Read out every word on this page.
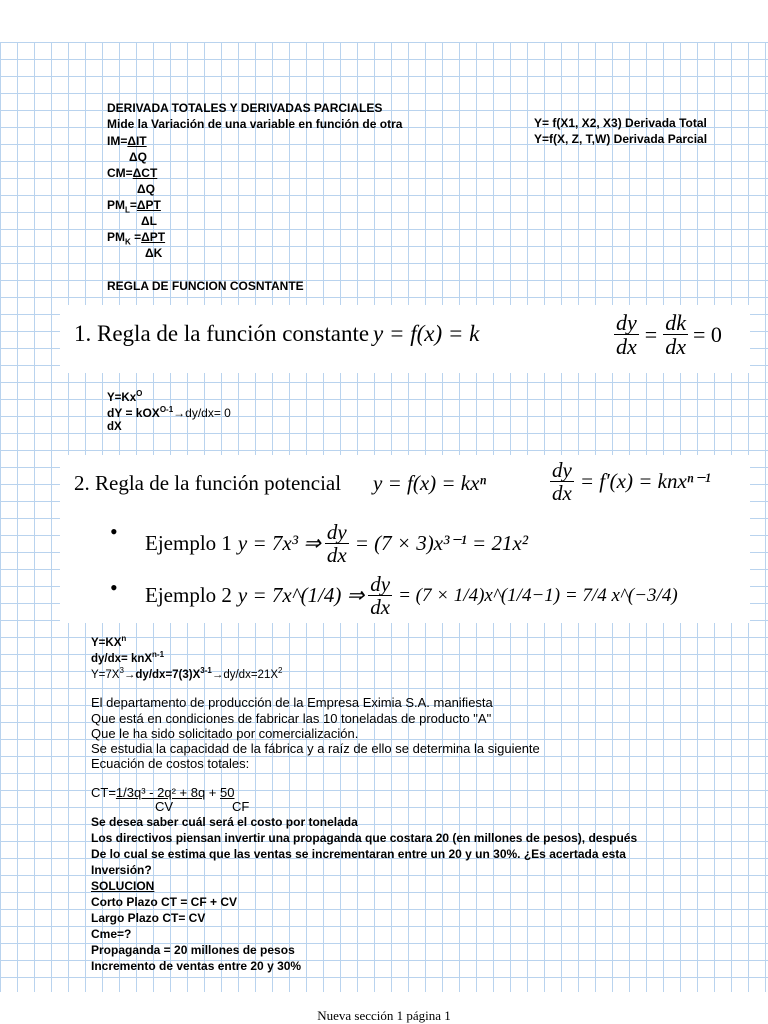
DERIVADA TOTALES Y DERIVADAS PARCIALES
Mide la Variación de una variable en función de otra	Y= f(X1, X2, X3) Derivada Total
Y=f(X, Z, T,W) Derivada Parcial
IM=ΔIT
ΔQ
CM=ΔCT
ΔQ
$PM_L=\Delta PT$
ΔL
$PM_K =\Delta PT$
ΔK
REGLA DE FUNCION COSNTANTE
1. Regla de la función constante y = f(x) = k	$\frac{dy}{dx} = \frac{dk}{dx} = 0$
$Y=Kx^O$
dY = kOX$^{O-1}$→dy/dx= 0
dX
2. Regla de la función potencial y = f(x) = kxⁿ	$\frac{dy}{dx} = f'(x) = knx^{n-1}$
• Ejemplo 1 y = 7x³ ⇒ $\frac{dy}{dx} = (7 \times 3)x^{3-1} = 21x^2$
• Ejemplo 2 y = 7x^(1/4) ⇒ $\frac{dy}{dx} = (7$ × 1/4)x^(1/4−1) = 7/4 x^(−3/4)
$Y=KX^n$
dy/dx= knX$^{n-1}$
$Y=7X^3\to dy/dx=7(3)X^{3-1}\to dy/dx=21X^2$
El departamento de producción de la Empresa Eximia S.A. manifiesta
Que está en condiciones de fabricar las 10 toneladas de producto "A"
Que le ha sido solicitado por comercialización.
Se estudia la capacidad de la fábrica y a raíz de ello se determina la siguiente
Ecuación de costos totales:
CT=1/3q³ - 2q² + 8q + 50
CV	CF
Se desea saber cuál será el costo por tonelada
Los directivos piensan invertir una propaganda que costara 20 (en millones de pesos), después
De lo cual se estima que las ventas se incrementaran entre un 20 y un 30%. ¿Es acertada esta
Inversión?
SOLUCION
Corto Plazo CT = CF + CV
Largo Plazo CT= CV
Cme=?
Propaganda = 20 millones de pesos
Incremento de ventas entre 20 y 30%
Nueva sección 1 página 1
